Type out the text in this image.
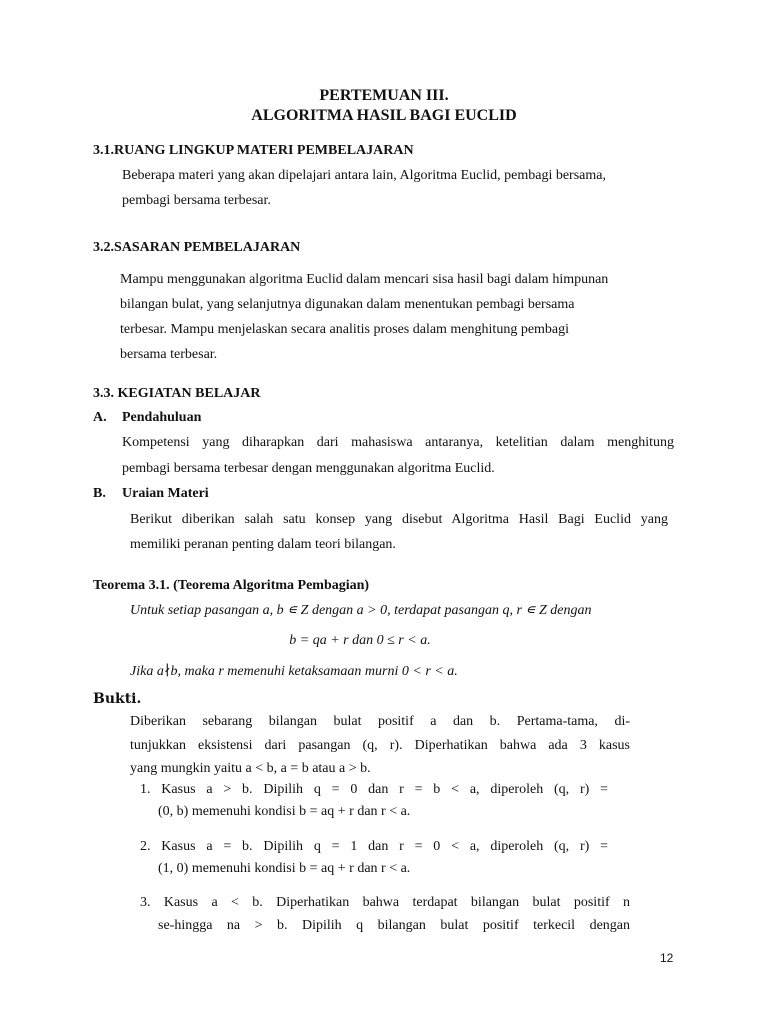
PERTEMUAN III.
ALGORITMA HASIL BAGI EUCLID
3.1.RUANG LINGKUP MATERI PEMBELAJARAN
Beberapa materi yang akan dipelajari antara lain, Algoritma Euclid, pembagi bersama,
pembagi bersama terbesar.
3.2.SASARAN PEMBELAJARAN
Mampu menggunakan algoritma Euclid dalam mencari sisa hasil bagi dalam himpunan
bilangan bulat, yang selanjutnya digunakan dalam menentukan pembagi bersama
terbesar. Mampu menjelaskan secara analitis proses dalam menghitung pembagi
bersama terbesar.
3.3. KEGIATAN BELAJAR
A. Pendahuluan
Kompetensi yang diharapkan dari mahasiswa antaranya, ketelitian dalam menghitung
pembagi bersama terbesar dengan menggunakan algoritma Euclid.
B. Uraian Materi
Berikut diberikan salah satu konsep yang disebut Algoritma Hasil Bagi Euclid yang
memiliki peranan penting dalam teori bilangan.
Teorema 3.1. (Teorema Algoritma Pembagian)
Untuk setiap pasangan a, b ∊ Z dengan a > 0, terdapat pasangan q, r ∊ Z dengan
b = qa + r dan 0 ≤ r < a.
Jika a∤b, maka r memenuhi ketaksamaan murni 0 < r < a.
Bukti.
Diberikan sebarang bilangan bulat positif a dan b. Pertama-tama, di-
tunjukkan eksistensi dari pasangan (q, r). Diperhatikan bahwa ada 3 kasus
yang mungkin yaitu a < b, a = b atau a > b.
1. Kasus a > b. Dipilih q = 0 dan r = b < a, diperoleh (q, r) =
(0, b) memenuhi kondisi b = aq + r dan r < a.
2. Kasus a = b. Dipilih q = 1 dan r = 0 < a, diperoleh (q, r) =
(1, 0) memenuhi kondisi b = aq + r dan r < a.
3. Kasus a < b. Diperhatikan bahwa terdapat bilangan bulat positif n
se-hingga na > b. Dipilih q bilangan bulat positif terkecil dengan
12
